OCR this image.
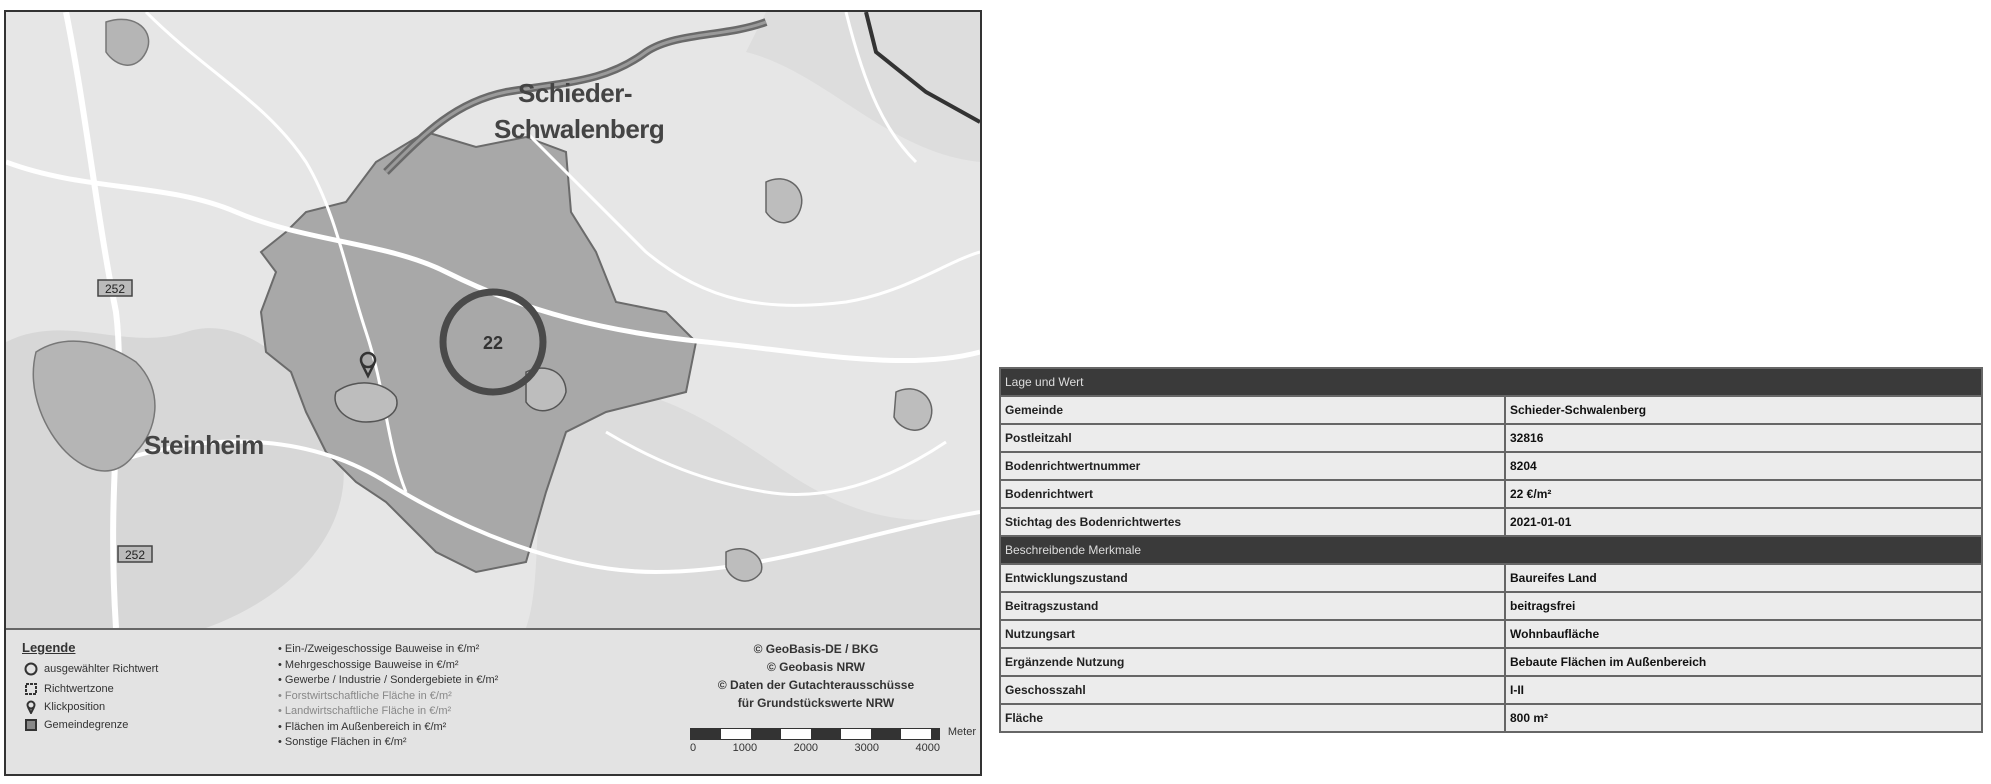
252
252
22
Schieder-
Schwalenberg
Steinheim
Legende
ausgewählter Richtwert
Richtwertzone
Klickposition
Gemeindegrenze
• Ein-/Zweigeschossige Bauweise in €/m²
• Mehrgeschossige Bauweise in €/m²
• Gewerbe / Industrie / Sondergebiete in €/m²
• Forstwirtschaftliche Fläche in €/m²
• Landwirtschaftliche Fläche in €/m²
• Flächen im Außenbereich in €/m²
• Sonstige Flächen in €/m²
© GeoBasis-DE / BKG
© Geobasis NRW
© Daten der Gutachterausschüsse
für Grundstückswerte NRW
Meter
0	1000	2000	3000	4000
Lage und Wert	
Gemeinde	Schieder-Schwalenberg
Postleitzahl	32816
Bodenrichtwertnummer	8204
Bodenrichtwert	22 €/m²
Stichtag des Bodenrichtwertes	2021-01-01
Beschreibende Merkmale	
Entwicklungszustand	Baureifes Land
Beitragszustand	beitragsfrei
Nutzungsart	Wohnbaufläche
Ergänzende Nutzung	Bebaute Flächen im Außenbereich
Geschosszahl	I-II
Fläche	800 m²
